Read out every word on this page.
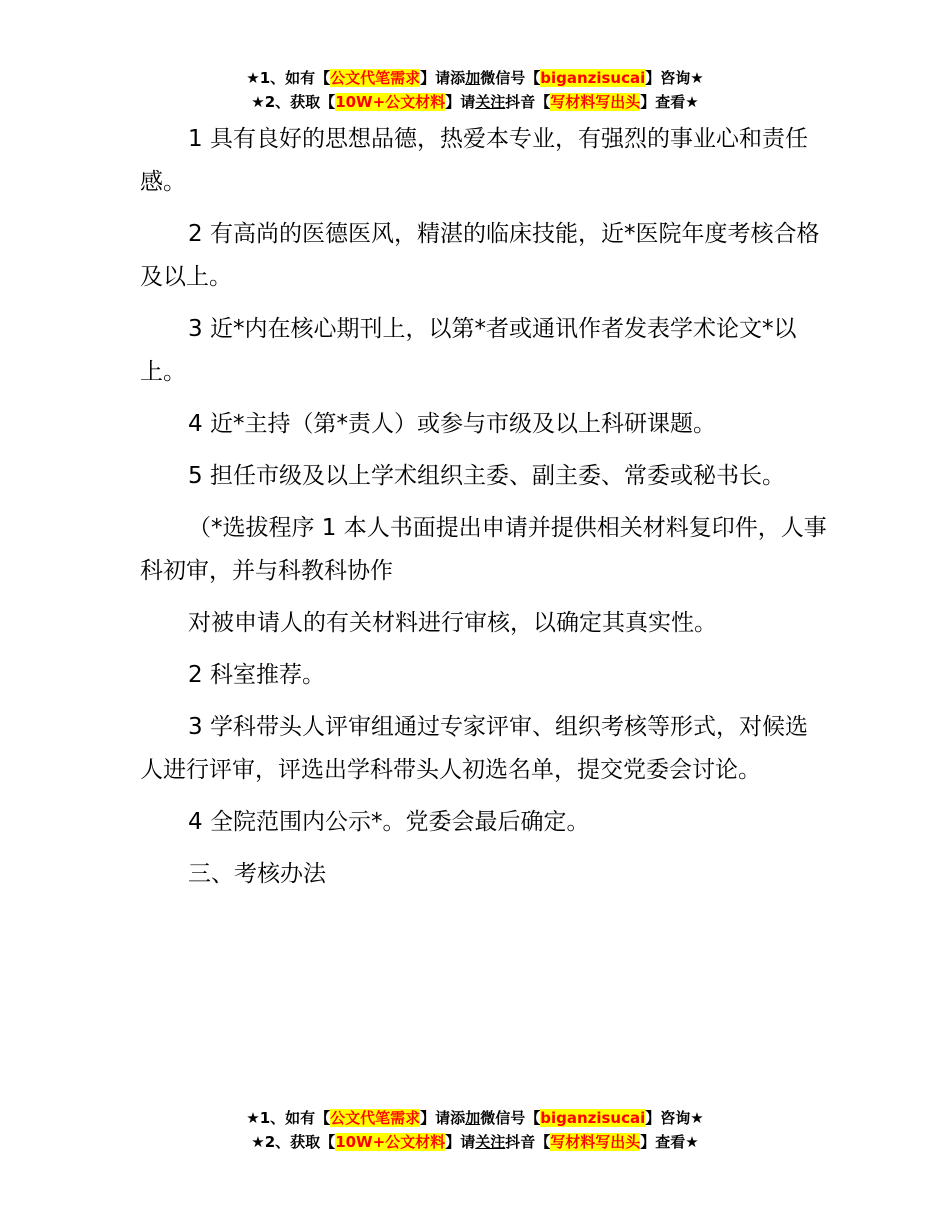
★1、如有【公文代笔需求】请添加微信号【biganzisucai】咨询★
★2、获取【10W+公文材料】请关注抖音【写材料写出头】查看★

1 具有良好的思想品德，热爱本专业，有强烈的事业心和责任感。

2 有高尚的医德医风，精湛的临床技能，近*医院年度考核合格及以上。

3 近*内在核心期刊上，以第*者或通讯作者发表学术论文*以上。

4 近*主持（第*责人）或参与市级及以上科研课题。

5 担任市级及以上学术组织主委、副主委、常委或秘书长。

（*选拔程序 1 本人书面提出申请并提供相关材料复印件，人事科初审，并与科教科协作

对被申请人的有关材料进行审核，以确定其真实性。

2 科室推荐。

3 学科带头人评审组通过专家评审、组织考核等形式，对候选人进行评审，评选出学科带头人初选名单，提交党委会讨论。

4 全院范围内公示*。党委会最后确定。

三、考核办法

★1、如有【公文代笔需求】请添加微信号【biganzisucai】咨询★
★2、获取【10W+公文材料】请关注抖音【写材料写出头】查看★
